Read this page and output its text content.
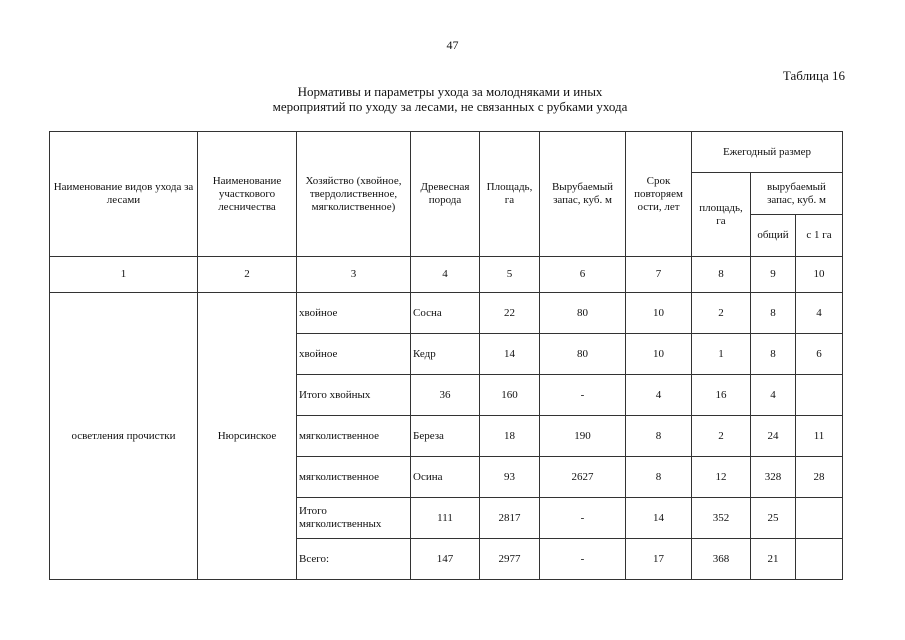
47
Таблица 16
Нормативы и параметры ухода за молодняками и иных
мероприятий по уходу за лесами, не связанных с рубками ухода
Наименование видов ухода за лесами	Наименование участкового лесничества	Хозяйство (хвойное, твердолиственное, мягколиственное)	Древесная порода	Площадь, га	Вырубаемый запас, куб. м	Срок повторяем ости, лет	Ежегодный размер		
							площадь, га	вырубаемый запас, куб. м	
								общий	с 1 га
1	2	3	4	5	6	7	8	9	10
осветления прочистки	Нюрсинское	хвойное	Сосна	22	80	10	2	8	4
		хвойное	Кедр	14	80	10	1	8	6
		Итого хвойных	36	160	-	4	16	4	
		мягколиственное	Береза	18	190	8	2	24	11
		мягколиственное	Осина	93	2627	8	12	328	28
		Итого мягколиственных	111	2817	-	14	352	25	
		Всего:	147	2977	-	17	368	21	
